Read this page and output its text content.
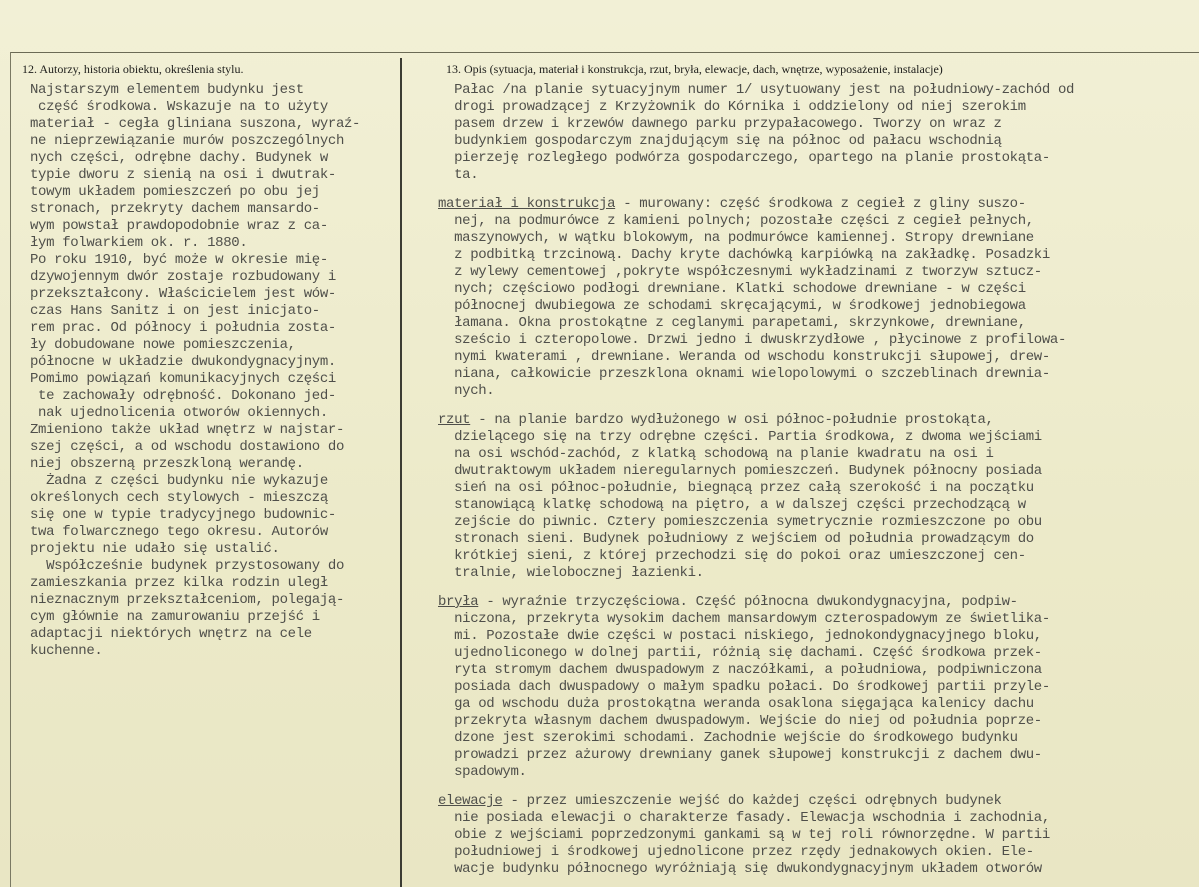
12. Autorzy, historia obiektu, określenia stylu.	13. Opis (sytuacja, materiał i konstrukcja, rzut, bryła, elewacje, dach, wnętrze, wyposażenie, instalacje)
Najstarszym elementem budynku jest
część środkowa. Wskazuje na to użyty
materiał - cegła gliniana suszona, wyraź-
ne nieprzewiązanie murów poszczególnych
nych części, odrębne dachy. Budynek w
typie dworu z sienią na osi i dwutrak-
towym układem pomieszczeń po obu jej
stronach, przekryty dachem mansardo-
wym powstał prawdopodobnie wraz z ca-
łym folwarkiem ok. r. 1880.
Po roku 1910, być może w okresie mię-
dzywojennym dwór zostaje rozbudowany i
przekształcony. Właścicielem jest wów-
czas Hans Sanitz i on jest inicjato-
rem prac. Od północy i południa zosta-
ły dobudowane nowe pomieszczenia,
północne w układzie dwukondygnacyjnym.
Pomimo powiązań komunikacyjnych części
te zachowały odrębność. Dokonano jed-
nak ujednolicenia otworów okiennych.
Zmieniono także układ wnętrz w najstar-
szej części, a od wschodu dostawiono do
niej obszerną przeszkloną werandę.
Żadna z części budynku nie wykazuje
określonych cech stylowych - mieszczą
się one w typie tradycyjnego budownic-
twa folwarcznego tego okresu. Autorów
projektu nie udało się ustalić.
Współcześnie budynek przystosowany do
zamieszkania przez kilka rodzin uległ
nieznacznym przekształceniom, polegają-
cym głównie na zamurowaniu przejść i
adaptacji niektórych wnętrz na cele
kuchenne.
Pałac /na planie sytuacyjnym numer 1/ usytuowany jest na południowy-zachód od
drogi prowadzącej z Krzyżownik do Kórnika i oddzielony od niej szerokim
pasem drzew i krzewów dawnego parku przypałacowego. Tworzy on wraz z
budynkiem gospodarczym znajdującym się na północ od pałacu wschodnią
pierzeję rozległego podwórza gospodarczego, opartego na planie prostokąta-
ta.
materiał i konstrukcja - murowany: część środkowa z cegieł z gliny suszo-
nej, na podmurówce z kamieni polnych; pozostałe części z cegieł pełnych,
maszynowych, w wątku blokowym, na podmurówce kamiennej. Stropy drewniane
z podbitką trzcinową. Dachy kryte dachówką karpiówką na zakładkę. Posadzki
z wylewy cementowej ,pokryte współczesnymi wykładzinami z tworzyw sztucz-
nych; częściowo podłogi drewniane. Klatki schodowe drewniane - w części
północnej dwubiegowa ze schodami skręcającymi, w środkowej jednobiegowa
łamana. Okna prostokątne z ceglanymi parapetami, skrzynkowe, drewniane,
sześcio i czteropolowe. Drzwi jedno i dwuskrzydłowe , płycinowe z profilowa-
nymi kwaterami , drewniane. Weranda od wschodu konstrukcji słupowej, drew-
niana, całkowicie przeszklona oknami wielopolowymi o szczeblinach drewnia-
nych.
rzut - na planie bardzo wydłużonego w osi północ-południe prostokąta,
dzielącego się na trzy odrębne części. Partia środkowa, z dwoma wejściami
na osi wschód-zachód, z klatką schodową na planie kwadratu na osi i
dwutraktowym układem nieregularnych pomieszczeń. Budynek północny posiada
sień na osi północ-południe, biegnącą przez całą szerokość i na początku
stanowiącą klatkę schodową na piętro, a w dalszej części przechodzącą w
zejście do piwnic. Cztery pomieszczenia symetrycznie rozmieszczone po obu
stronach sieni. Budynek południowy z wejściem od południa prowadzącym do
krótkiej sieni, z której przechodzi się do pokoi oraz umieszczonej cen-
tralnie, wielobocznej łazienki.
bryła - wyraźnie trzyczęściowa. Część północna dwukondygnacyjna, podpiw-
niczona, przekryta wysokim dachem mansardowym czterospadowym ze świetlika-
mi. Pozostałe dwie części w postaci niskiego, jednokondygnacyjnego bloku,
ujednoliconego w dolnej partii, różnią się dachami. Część środkowa przek-
ryta stromym dachem dwuspadowym z naczółkami, a południowa, podpiwniczona
posiada dach dwuspadowy o małym spadku połaci. Do środkowej partii przyle-
ga od wschodu duża prostokątna weranda osaklona sięgająca kalenicy dachu
przekryta własnym dachem dwuspadowym. Wejście do niej od południa poprze-
dzone jest szerokimi schodami. Zachodnie wejście do środkowego budynku
prowadzi przez ażurowy drewniany ganek słupowej konstrukcji z dachem dwu-
spadowym.
elewacje - przez umieszczenie wejść do każdej części odrębnych budynek
nie posiada elewacji o charakterze fasady. Elewacja wschodnia i zachodnia,
obie z wejściami poprzedzonymi gankami są w tej roli równorzędne. W partii
południowej i środkowej ujednolicone przez rzędy jednakowych okien. Ele-
wacje budynku północnego wyróżniają się dwukondygnacyjnym układem otworów
